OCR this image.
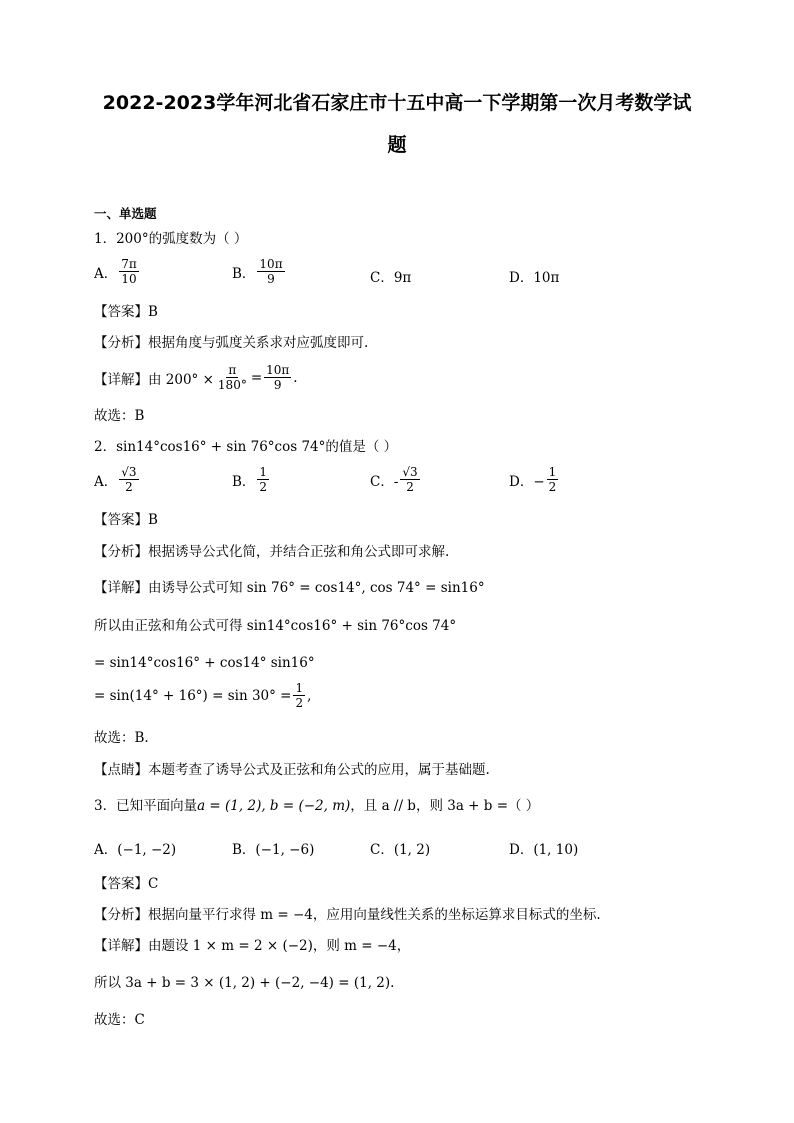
2022-2023学年河北省石家庄市十五中高一下学期第一次月考数学试
题
一、单选题
1．200°的弧度数为（ ）
A． $\frac{7\pi}{10}$	B． $\frac{10\pi}{9}$	C．9π	D．10π
【答案】B
【分析】根据角度与弧度关系求对应弧度即可.
【详解】 由 $200^\circ \times \frac{\pi}{180^\circ} = \frac{10\pi}{9}$ .
故选：B
2．sin14°cos16° + sin 76°cos 74°的值是（ ）
A． $\frac{√3}{2}$	B． $\frac{1}{2}$	C．- $\frac{√3}{2}$	D．− $\frac{1}{2}$
【答案】B
【分析】根据诱导公式化简，并结合正弦和角公式即可求解.
【详解】由诱导公式可知 sin 76° = cos14°, cos 74° = sin16°
所以由正弦和角公式可得 sin14°cos16° + sin 76°cos 74°
= sin14°cos16° + cos14° sin16°
= $\sin(14^\circ + 16^\circ) = \sin 30^\circ = \frac{1}{2}$ ,
故选：B.
【点睛】本题考查了诱导公式及正弦和角公式的应用，属于基础题.
3．已知平面向量a = (1, 2), b = (−2, m)，且 a // b，则 3a + b =（ ）
A．(−1, −2)	B．(−1, −6)	C．(1, 2)	D．(1, 10)
【答案】C
【分析】根据向量平行求得 m = −4，应用向量线性关系的坐标运算求目标式的坐标.
【详解】由题设 1 × m = 2 × (−2)，则 m = −4，
所以 3a + b = 3 × (1, 2) + (−2, −4) = (1, 2).
故选：C
